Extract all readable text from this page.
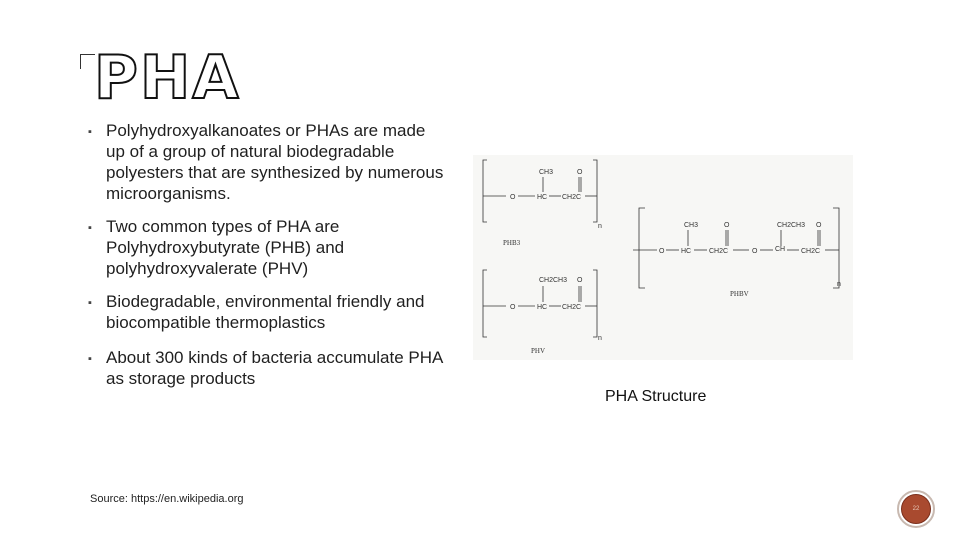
PHA
▪ Polyhydroxyalkanoates or PHAs are made up of a group of natural biodegradable polyesters that are synthesized by numerous microorganisms.
▪ Two common types of PHA are Polyhydroxybutyrate (PHB) and polyhydroxyvalerate (PHV)
▪ Biodegradable, environmental friendly and biocompatible thermoplastics
▪ About 300 kinds of bacteria accumulate PHA as storage products
Source: https://en.wikipedia.org
O	HC
CH3
CH2C
O
n
PHB3
O	HC
CH2CH3
CH2C
O
n
PHV
O HC
CH3
CH2C
O
O	CH
CH2CH3
CH2C
O
n
PHBV
PHA Structure
22
